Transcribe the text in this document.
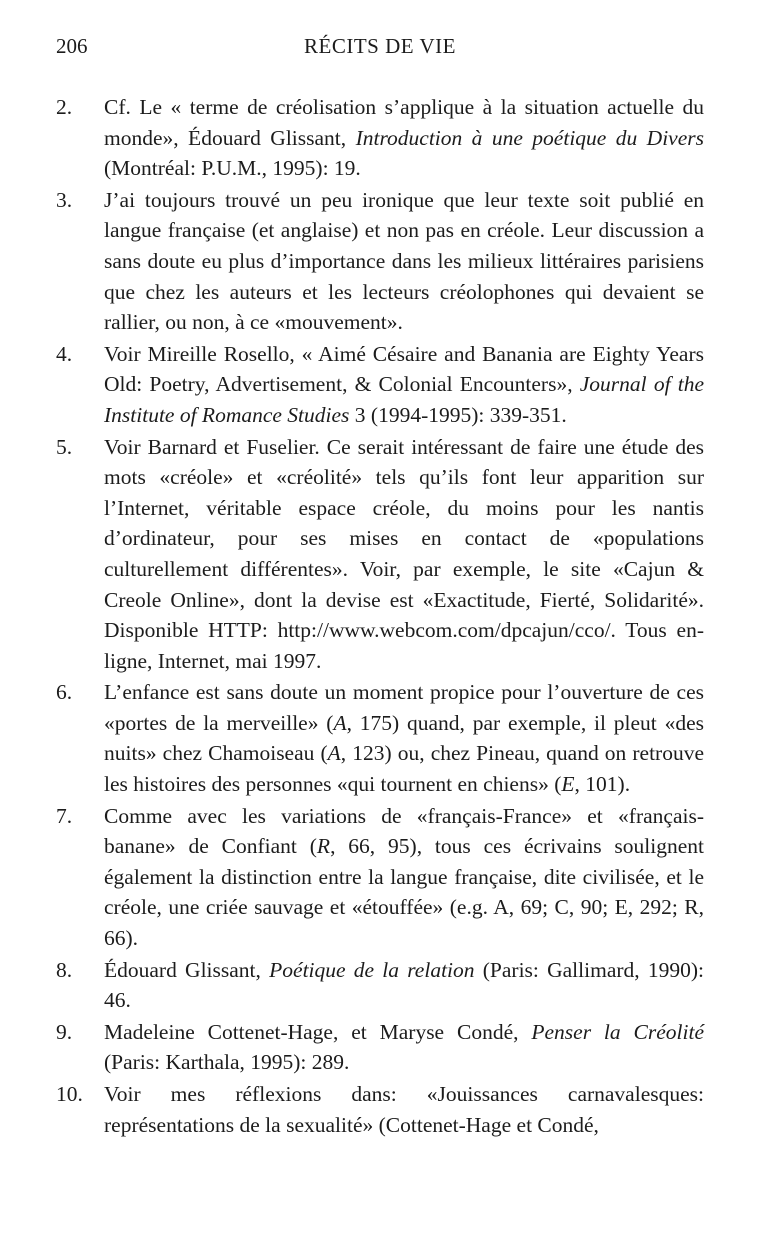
206	RÉCITS DE VIE
2.	Cf. Le « terme de créolisation s’applique à la situation actuelle du monde», Édouard Glissant, Introduction à une poétique du Divers (Montréal: P.U.M., 1995): 19.
3.	J’ai toujours trouvé un peu ironique que leur texte soit publié en langue française (et anglaise) et non pas en créole. Leur discussion a sans doute eu plus d’importance dans les milieux littéraires parisiens que chez les auteurs et les lecteurs créolophones qui devaient se rallier, ou non, à ce «mouvement».
4.	Voir Mireille Rosello, « Aimé Césaire and Banania are Eighty Years Old: Poetry, Advertisement, & Colonial Encounters», Journal of the Institute of Romance Studies 3 (1994-1995): 339-351.
5.	Voir Barnard et Fuselier. Ce serait intéressant de faire une étude des mots «créole» et «créolité» tels qu’ils font leur apparition sur l’Internet, véritable espace créole, du moins pour les nantis d’ordinateur, pour ses mises en contact de «populations culturellement différentes». Voir, par exemple, le site «Cajun & Creole Online», dont la devise est «Exactitude, Fierté, Solidarité». Disponible HTTP: http://www.webcom.com/dpcajun/cco/. Tous en-ligne, Internet, mai 1997.
6.	L’enfance est sans doute un moment propice pour l’ouverture de ces «portes de la merveille» (A, 175) quand, par exemple, il pleut «des nuits» chez Chamoiseau (A, 123) ou, chez Pineau, quand on retrouve les histoires des personnes «qui tournent en chiens» (E, 101).
7.	Comme avec les variations de «français-France» et «français-banane» de Confiant (R, 66, 95), tous ces écrivains soulignent également la distinction entre la langue française, dite civilisée, et le créole, une criée sauvage et «étouffée» (e.g. A, 69; C, 90; E, 292; R, 66).
8.	Édouard Glissant, Poétique de la relation (Paris: Gallimard, 1990): 46.
9.	Madeleine Cottenet-Hage, et Maryse Condé, Penser la Créolité (Paris: Karthala, 1995): 289.
10. Voir mes réflexions dans: «Jouissances carnavalesques: représentations de la sexualité» (Cottenet-Hage et Condé,
